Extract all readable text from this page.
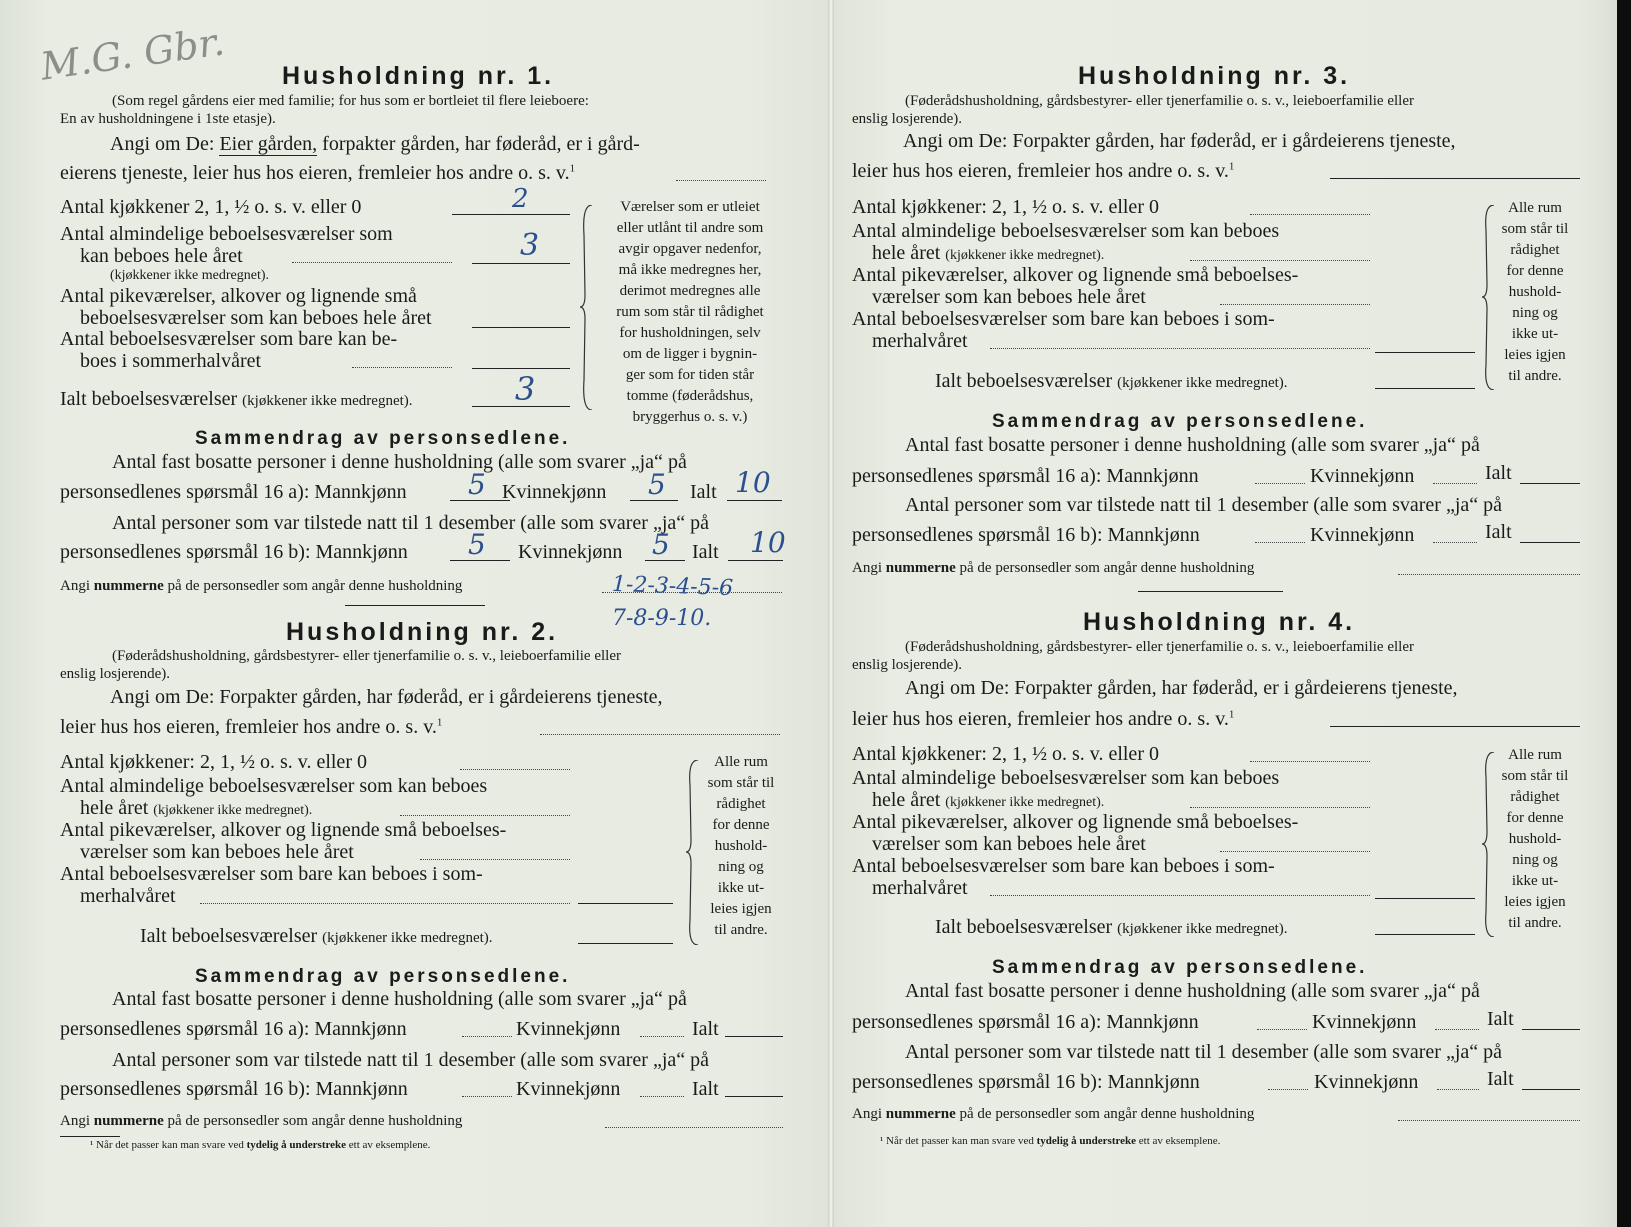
M.G. Gbr. Husholdning nr. 1.
(Som regel gårdens eier med familie; for hus som er bortleiet til flere leieboere:
En av husholdningene i 1ste etasje).
Angi om De: Eier gården, forpakter gården, har føderåd, er i gård-
eierens tjeneste, leier hus hos eieren, fremleier hos andre o. s. v.$^1$
Antal kjøkkener 2, 1, ½ o. s. v. eller 0	2
Antal almindelige beboelsesværelser som
kan beboes hele året
(kjøkkener ikke medregnet).
3
Antal pikeværelser, alkover og lignende små
beboelsesværelser som kan beboes hele året
Antal beboelsesværelser som bare kan be-
boes i sommerhalvåret
Ialt beboelsesværelser (kjøkkener ikke medregnet).	3
Værelser som er utleiet
eller utlånt til andre som
avgir opgaver nedenfor,
må ikke medregnes her,
derimot medregnes alle
rum som står til rådighet
for husholdningen, selv
om de ligger i bygnin-
ger som for tiden står
tomme (føderådshus,
bryggerhus o. s. v.)
Sammendrag av personsedlene.
Antal fast bosatte personer i denne husholdning (alle som svarer „ja“ på
personsedlenes spørsmål 16 a): Mannkjønn 5 Kvinnekjønn 5 Ialt 10
Antal personer som var tilstede natt til 1 desember (alle som svarer „ja“ på
personsedlenes spørsmål 16 b): Mannkjønn 5 Kvinnekjønn 5 Ialt 10
Angi nummerne på de personsedler som angår denne husholdning	1-2-3-4-5-6
7-8-9-10.
Husholdning nr. 2.
(Føderådshusholdning, gårdsbestyrer- eller tjenerfamilie o. s. v., leieboerfamilie eller
enslig losjerende).
Angi om De: Forpakter gården, har føderåd, er i gårdeierens tjeneste,
leier hus hos eieren, fremleier hos andre o. s. v.$^1$
Antal kjøkkener: 2, 1, ½ o. s. v. eller 0
Antal almindelige beboelsesværelser som kan beboes
hele året (kjøkkener ikke medregnet).
Antal pikeværelser, alkover og lignende små beboelses-
værelser som kan beboes hele året
Antal beboelsesværelser som bare kan beboes i som-
merhalvåret
Ialt beboelsesværelser (kjøkkener ikke medregnet).
Alle rum
som står til
rådighet
for denne
hushold-
ning og
ikke ut-
leies igjen
til andre.
Sammendrag av personsedlene.
Antal fast bosatte personer i denne husholdning (alle som svarer „ja“ på
personsedlenes spørsmål 16 a): Mannkjønn	Kvinnekjønn	Ialt
Antal personer som var tilstede natt til 1 desember (alle som svarer „ja“ på
personsedlenes spørsmål 16 b): Mannkjønn	Kvinnekjønn	Ialt
Angi nummerne på de personsedler som angår denne husholdning
¹ Når det passer kan man svare ved tydelig å understreke ett av eksemplene.
Husholdning nr. 3.
(Føderådshusholdning, gårdsbestyrer- eller tjenerfamilie o. s. v., leieboerfamilie eller
enslig losjerende).
Angi om De: Forpakter gården, har føderåd, er i gårdeierens tjeneste,
leier hus hos eieren, fremleier hos andre o. s. v.$^1$
Antal kjøkkener: 2, 1, ½ o. s. v. eller 0
Antal almindelige beboelsesværelser som kan beboes
hele året (kjøkkener ikke medregnet).
Antal pikeværelser, alkover og lignende små beboelses-
værelser som kan beboes hele året
Antal beboelsesværelser som bare kan beboes i som-
merhalvåret
Ialt beboelsesværelser (kjøkkener ikke medregnet).
Alle rum
som står til
rådighet
for denne
hushold-
ning og
ikke ut-
leies igjen
til andre.
Sammendrag av personsedlene.
Antal fast bosatte personer i denne husholdning (alle som svarer „ja“ på
personsedlenes spørsmål 16 a): Mannkjønn	Kvinnekjønn	Ialt
Antal personer som var tilstede natt til 1 desember (alle som svarer „ja“ på
personsedlenes spørsmål 16 b): Mannkjønn	Kvinnekjønn	Ialt
Angi nummerne på de personsedler som angår denne husholdning
Husholdning nr. 4.
(Føderådshusholdning, gårdsbestyrer- eller tjenerfamilie o. s. v., leieboerfamilie eller
enslig losjerende).
Angi om De: Forpakter gården, har føderåd, er i gårdeierens tjeneste,
leier hus hos eieren, fremleier hos andre o. s. v.$^1$
Antal kjøkkener: 2, 1, ½ o. s. v. eller 0
Antal almindelige beboelsesværelser som kan beboes
hele året (kjøkkener ikke medregnet).
Antal pikeværelser, alkover og lignende små beboelses-
værelser som kan beboes hele året
Antal beboelsesværelser som bare kan beboes i som-
merhalvåret
Ialt beboelsesværelser (kjøkkener ikke medregnet).
Alle rum
som står til
rådighet
for denne
hushold-
ning og
ikke ut-
leies igjen
til andre.
Sammendrag av personsedlene.
Antal fast bosatte personer i denne husholdning (alle som svarer „ja“ på
personsedlenes spørsmål 16 a): Mannkjønn	Kvinnekjønn	Ialt
Antal personer som var tilstede natt til 1 desember (alle som svarer „ja“ på
personsedlenes spørsmål 16 b): Mannkjønn	Kvinnekjønn	Ialt
Angi nummerne på de personsedler som angår denne husholdning
¹ Når det passer kan man svare ved tydelig å understreke ett av eksemplene.
